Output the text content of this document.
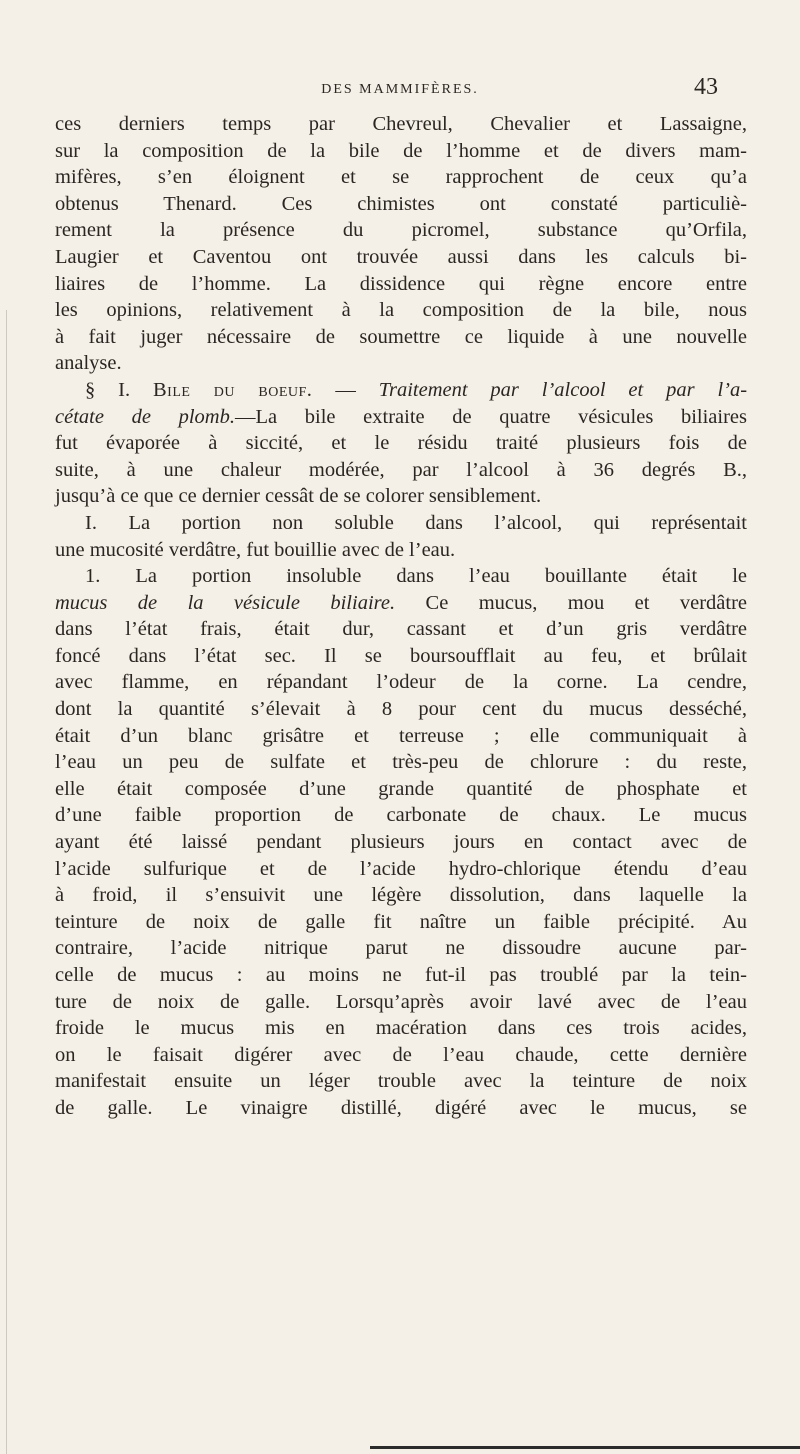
DES MAMMIFÈRES.	43
ces derniers temps par Chevreul, Chevalier et Lassaigne,
sur la composition de la bile de l’homme et de divers mam-
mifères, s’en éloignent et se rapprochent de ceux qu’a
obtenus Thenard. Ces chimistes ont constaté particuliè-
rement la présence du picromel, substance qu’Orfila,
Laugier et Caventou ont trouvée aussi dans les calculs bi-
liaires de l’homme. La dissidence qui règne encore entre
les opinions, relativement à la composition de la bile, nous
à fait juger nécessaire de soumettre ce liquide à une nouvelle
analyse.
§ I. Bile du boeuf. — Traitement par l’alcool et par l’a-
cétate de plomb.—La bile extraite de quatre vésicules biliaires
fut évaporée à siccité, et le résidu traité plusieurs fois de
suite, à une chaleur modérée, par l’alcool à 36 degrés B.,
jusqu’à ce que ce dernier cessât de se colorer sensiblement.
I. La portion non soluble dans l’alcool, qui représentait
une mucosité verdâtre, fut bouillie avec de l’eau.
1. La portion insoluble dans l’eau bouillante était le
mucus de la vésicule biliaire. Ce mucus, mou et verdâtre
dans l’état frais, était dur, cassant et d’un gris verdâtre
foncé dans l’état sec. Il se boursoufflait au feu, et brûlait
avec flamme, en répandant l’odeur de la corne. La cendre,
dont la quantité s’élevait à 8 pour cent du mucus desséché,
était d’un blanc grisâtre et terreuse ; elle communiquait à
l’eau un peu de sulfate et très-peu de chlorure : du reste,
elle était composée d’une grande quantité de phosphate et
d’une faible proportion de carbonate de chaux. Le mucus
ayant été laissé pendant plusieurs jours en contact avec de
l’acide sulfurique et de l’acide hydro-chlorique étendu d’eau
à froid, il s’ensuivit une légère dissolution, dans laquelle la
teinture de noix de galle fit naître un faible précipité. Au
contraire, l’acide nitrique parut ne dissoudre aucune par-
celle de mucus : au moins ne fut-il pas troublé par la tein-
ture de noix de galle. Lorsqu’après avoir lavé avec de l’eau
froide le mucus mis en macération dans ces trois acides,
on le faisait digérer avec de l’eau chaude, cette dernière
manifestait ensuite un léger trouble avec la teinture de noix
de galle. Le vinaigre distillé, digéré avec le mucus, se
